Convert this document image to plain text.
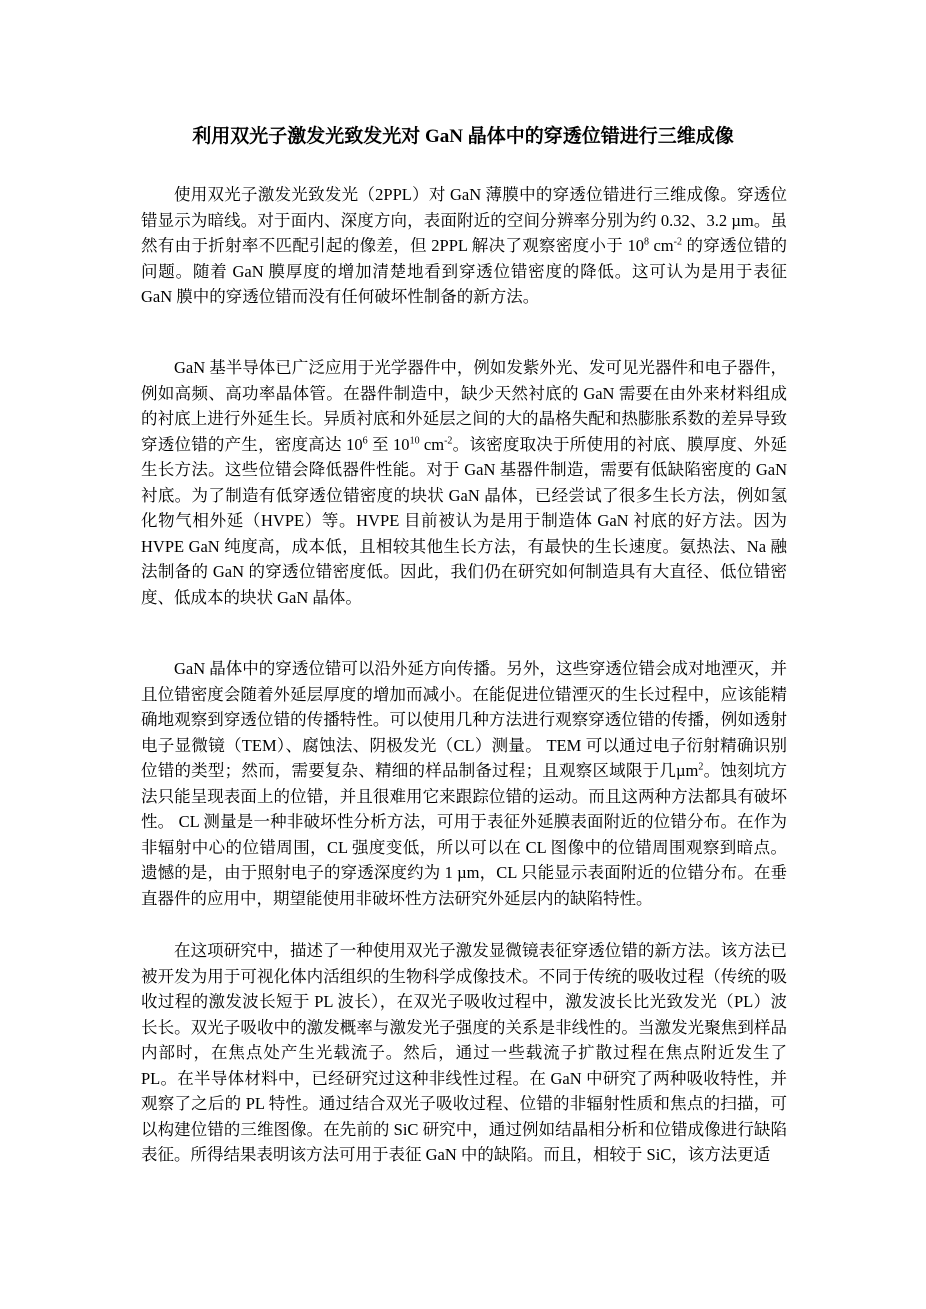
利用双光子激发光致发光对 GaN 晶体中的穿透位错进行三维成像

使用双光子激发光致发光（2PPL）对 GaN 薄膜中的穿透位错进行三维成像。穿透位错显示为暗线。对于面内、深度方向，表面附近的空间分辨率分别为约 0.32、3.2 µm。虽然有由于折射率不匹配引起的像差，但 2PPL 解决了观察密度小于 $10^8$ $cm^{-2}$ 的穿透位错的问题。随着 GaN 膜厚度的增加清楚地看到穿透位错密度的降低。这可认为是用于表征 GaN 膜中的穿透位错而没有任何破坏性制备的新方法。

GaN 基半导体已广泛应用于光学器件中，例如发紫外光、发可见光器件和电子器件，例如高频、高功率晶体管。在器件制造中，缺少天然衬底的 GaN 需要在由外来材料组成的衬底上进行外延生长。异质衬底和外延层之间的大的晶格失配和热膨胀系数的差异导致穿透位错的产生，密度高达 $10^6$ 至 $10^{10}$ $cm^{-2}$。该密度取决于所使用的衬底、膜厚度、外延生长方法。这些位错会降低器件性能。对于 GaN 基器件制造，需要有低缺陷密度的 GaN 衬底。为了制造有低穿透位错密度的块状 GaN 晶体，已经尝试了很多生长方法，例如氢化物气相外延（HVPE）等。HVPE 目前被认为是用于制造体 GaN 衬底的好方法。因为 HVPE GaN 纯度高，成本低，且相较其他生长方法，有最快的生长速度。氨热法、Na 融法制备的 GaN 的穿透位错密度低。因此，我们仍在研究如何制造具有大直径、低位错密度、低成本的块状 GaN 晶体。

GaN 晶体中的穿透位错可以沿外延方向传播。另外，这些穿透位错会成对地湮灭，并且位错密度会随着外延层厚度的增加而减小。在能促进位错湮灭的生长过程中，应该能精确地观察到穿透位错的传播特性。可以使用几种方法进行观察穿透位错的传播，例如透射电子显微镜（TEM）、腐蚀法、阴极发光（CL）测量。 TEM 可以通过电子衍射精确识别位错的类型；然而，需要复杂、精细的样品制备过程；且观察区域限于几µm$^2$。蚀刻坑方法只能呈现表面上的位错，并且很难用它来跟踪位错的运动。而且这两种方法都具有破坏性。 CL 测量是一种非破坏性分析方法，可用于表征外延膜表面附近的位错分布。在作为非辐射中心的位错周围，CL 强度变低，所以可以在 CL 图像中的位错周围观察到暗点。遗憾的是，由于照射电子的穿透深度约为 1 µm，CL 只能显示表面附近的位错分布。在垂直器件的应用中，期望能使用非破坏性方法研究外延层内的缺陷特性。

在这项研究中，描述了一种使用双光子激发显微镜表征穿透位错的新方法。该方法已被开发为用于可视化体内活组织的生物科学成像技术。不同于传统的吸收过程（传统的吸收过程的激发波长短于 PL 波长），在双光子吸收过程中，激发波长比光致发光（PL）波长长。双光子吸收中的激发概率与激发光子强度的关系是非线性的。当激发光聚焦到样品内部时，在焦点处产生光载流子。然后，通过一些载流子扩散过程在焦点附近发生了 PL。在半导体材料中，已经研究过这种非线性过程。在 GaN 中研究了两种吸收特性，并观察了之后的 PL 特性。通过结合双光子吸收过程、位错的非辐射性质和焦点的扫描，可以构建位错的三维图像。在先前的 SiC 研究中，通过例如结晶相分析和位错成像进行缺陷表征。所得结果表明该方法可用于表征 GaN 中的缺陷。而且，相较于 SiC，该方法更适
